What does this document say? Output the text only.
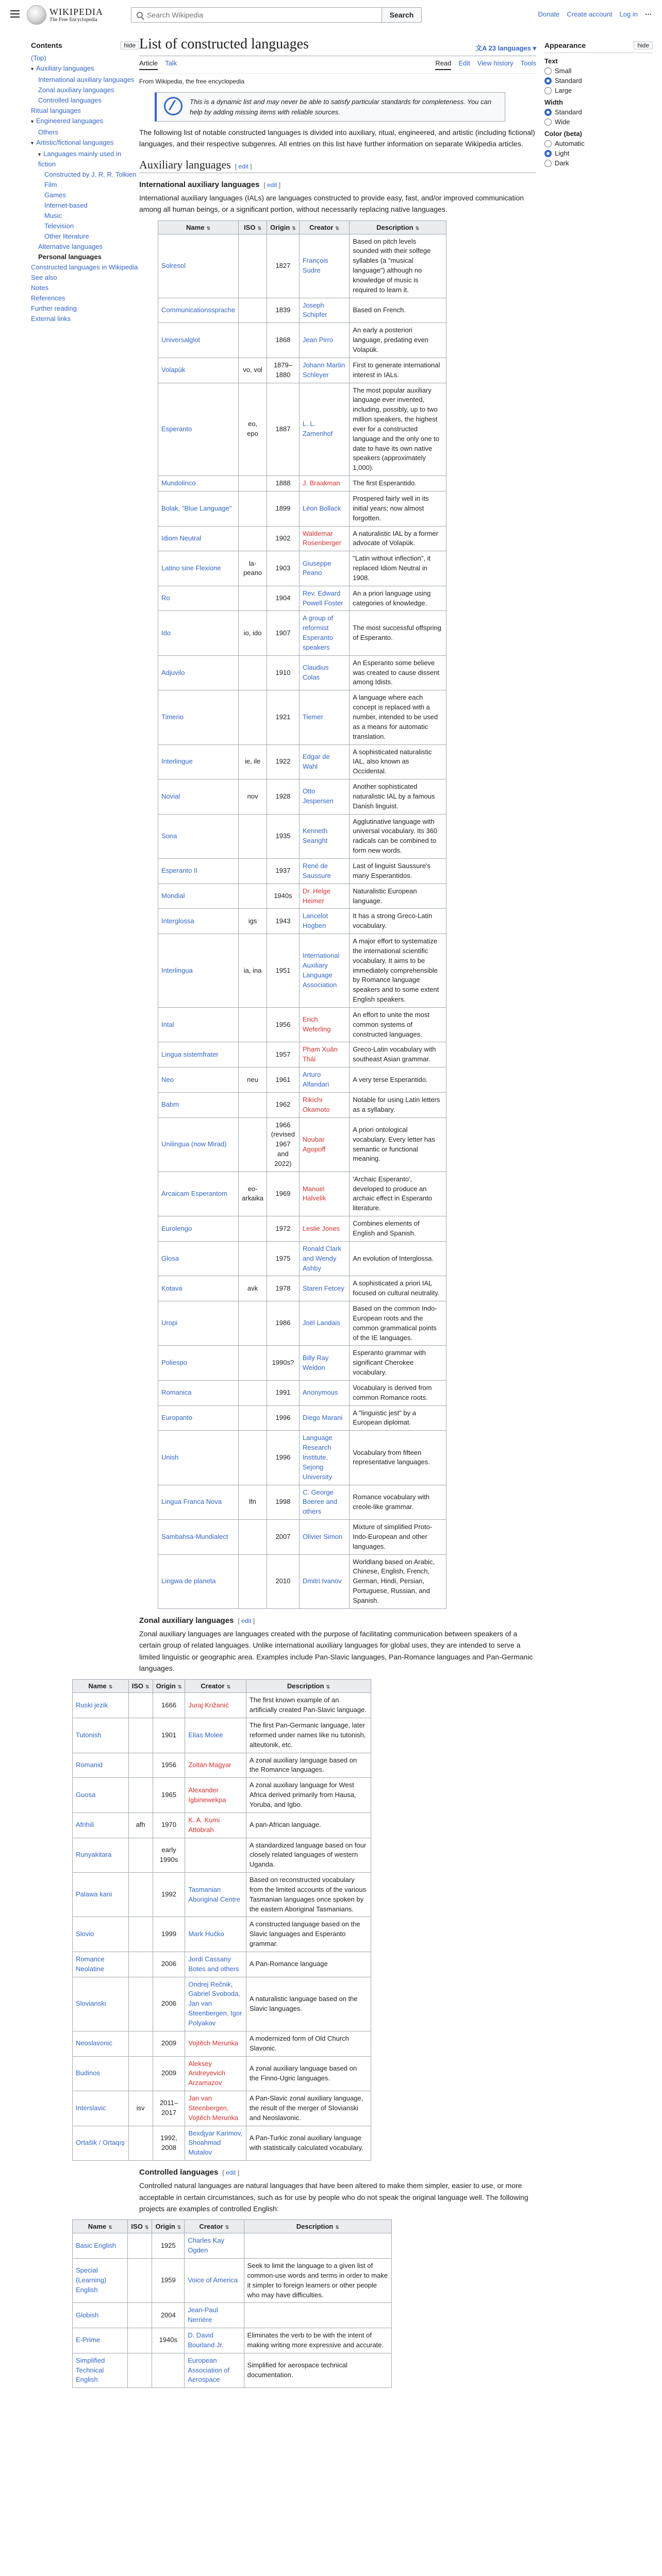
WIKIPEDIA
The Free Encyclopedia
Search Wikipedia
Search	Donate Create account Log in ⋯
Contents	hide
(Top)
▾ Auxiliary languages
International auxiliary languages
Zonal auxiliary languages
Controlled languages
Ritual languages
▾ Engineered languages
Others
▾ Artistic/fictional languages
▾ Languages mainly used in fiction
Constructed by J. R. R. Tolkien
Film
Games
Internet-based
Music
Television
Other literature
Alternative languages
Personal languages
Constructed languages in Wikipedia
See also
Notes
References
Further reading
External links
Appearance	hide
Text
Small
Standard
Large
Width
Standard
Wide
Color (beta)
Automatic
Light
Dark
List of constructed languages	文A 23 languages ▾
Article Talk	Read Edit View history Tools
From Wikipedia, the free encyclopedia
This is a dynamic list and may never be able to satisfy particular standards for completeness. You can help by adding missing items with reliable sources.

The following list of notable constructed languages is divided into auxiliary, ritual, engineered, and artistic (including fictional) languages, and their respective subgenres. All entries on this list have further information on separate Wikipedia articles.

Auxiliary languages [ edit ]
International auxiliary languages [ edit ]

International auxiliary languages (IALs) are languages constructed to provide easy, fast, and/or improved communication among all human beings, or a significant portion, without necessarily replacing native languages.

Name ⇅	ISO ⇅	Origin ⇅	Creator ⇅	Description ⇅
Solresol		1827	François Sudre	Based on pitch levels sounded with their solfege syllables (a "musical language") although no knowledge of music is required to learn it.
Communicationssprache		1839	Joseph Schipfer	Based on French.
Universalglot		1868	Jean Pirro	An early a posteriori language, predating even Volapük.
Volapük	vo, vol	1879–1880	Johann Martin Schleyer	First to generate international interest in IALs.
Esperanto	eo, epo	1887	L. L. Zamenhof	The most popular auxiliary language ever invented, including, possibly, up to two million speakers, the highest ever for a constructed language and the only one to date to have its own native speakers (approximately 1,000).
Mundolinco		1888	J. Braakman	The first Esperantido.
Bolak, "Blue Language"		1899	Léon Bollack	Prospered fairly well in its initial years; now almost forgotten.
Idiom Neutral		1902	Waldemar Rosenberger	A naturalistic IAL by a former advocate of Volapük.
Latino sine Flexione	la-peano	1903	Giuseppe Peano	"Latin without inflection", it replaced Idiom Neutral in 1908.
Ro		1904	Rev. Edward Powell Foster	An a priori language using categories of knowledge.
Ido	io, ido	1907	A group of reformist Esperanto speakers	The most successful offspring of Esperanto.
Adjuvilo		1910	Claudius Colas	An Esperanto some believe was created to cause dissent among Idists.
Timerio		1921	Tiemer	A language where each concept is replaced with a number, intended to be used as a means for automatic translation.
Interlingue	ie, ile	1922	Edgar de Wahl	A sophisticated naturalistic IAL, also known as Occidental.
Novial	nov	1928	Otto Jespersen	Another sophisticated naturalistic IAL by a famous Danish linguist.
Sona		1935	Kenneth Searight	Agglutinative language with universal vocabulary. Its 360 radicals can be combined to form new words.
Esperanto II		1937	René de Saussure	Last of linguist Saussure's many Esperantidos.
Mondial		1940s	Dr. Helge Heimer	Naturalistic European language.
Interglossa	igs	1943	Lancelot Hogben	It has a strong Greco-Latin vocabulary.
Interlingua	ia, ina	1951	International Auxiliary Language Association	A major effort to systematize the international scientific vocabulary. It aims to be immediately comprehensible by Romance language speakers and to some extent English speakers.
Intal		1956	Erich Weferling	An effort to unite the most common systems of constructed languages.
Lingua sistemfrater		1957	Phạm Xuân Thái	Greco-Latin vocabulary with southeast Asian grammar.
Neo	neu	1961	Arturo Alfandari	A very terse Esperantido.
Babm		1962	Rikichi Okamoto	Notable for using Latin letters as a syllabary.
Unilingua (now Mirad)		1966 (revised 1967 and 2022)	Noubar Agopoff	A priori ontological vocabulary. Every letter has semantic or functional meaning.
Arcaicam Esperantom	eo-arkaika	1969	Manuel Halvelik	'Archaic Esperanto', developed to produce an archaic effect in Esperanto literature.
Eurolengo		1972	Leslie Jones	Combines elements of English and Spanish.
Glosa		1975	Ronald Clark and Wendy Ashby	An evolution of Interglossa.
Kotava	avk	1978	Staren Fetcey	A sophisticated a priori IAL focused on cultural neutrality.
Uropi		1986	Joël Landais	Based on the common Indo-European roots and the common grammatical points of the IE languages.
Poliespo		1990s?	Billy Ray Weldon	Esperanto grammar with significant Cherokee vocabulary.
Romanica		1991	Anonymous	Vocabulary is derived from common Romance roots.
Europanto		1996	Diego Marani	A "linguistic jest" by a European diplomat.
Unish		1996	Language Research Institute, Sejong University	Vocabulary from fifteen representative languages.
Lingua Franca Nova	lfn	1998	C. George Boeree and others	Romance vocabulary with creole-like grammar.
Sambahsa-Mundialect		2007	Olivier Simon	Mixture of simplified Proto-Indo-European and other languages.
Lingwa de planeta		2010	Dmitri Ivanov	Worldlang based on Arabic, Chinese, English, French, German, Hindi, Persian, Portuguese, Russian, and Spanish.
Zonal auxiliary languages [ edit ]

Zonal auxiliary languages are languages created with the purpose of facilitating communication between speakers of a certain group of related languages. Unlike international auxiliary languages for global uses, they are intended to serve a limited linguistic or geographic area. Examples include Pan-Slavic languages, Pan-Romance languages and Pan-Germanic languages.

Name ⇅	ISO ⇅	Origin ⇅	Creator ⇅	Description ⇅
Ruski jezik		1666	Juraj Križanić	The first known example of an artificially created Pan-Slavic language.
Tutonish		1901	Elias Molee	The first Pan-Germanic language, later reformed under names like nu tutonish, alteutonik, etc.
Romanid		1956	Zoltán Magyar	A zonal auxiliary language based on the Romance languages.
Guosa		1965	Alexander Igbinewekpa	A zonal auxiliary language for West Africa derived primarily from Hausa, Yoruba, and Igbo.
Afrihili	afh	1970	K. A. Kumi Attobrah	A pan-African language.
Runyakitara		early 1990s		A standardized language based on four closely related languages of western Uganda.
Palawa kani		1992	Tasmanian Aboriginal Centre	Based on reconstructed vocabulary from the limited accounts of the various Tasmanian languages once spoken by the eastern Aboriginal Tasmanians.
Slovio		1999	Mark Hučko	A constructed language based on the Slavic languages and Esperanto grammar.
Romance Neolatine		2006	Jordi Cassany Botes and others	A Pan-Romance language
Slovianski		2006	Ondrej Rečnik, Gabriel Svoboda, Jan van Steenbergen, Igor Polyakov	A naturalistic language based on the Slavic languages.
Neoslavonic		2009	Vojtěch Merunka	A modernized form of Old Church Slavonic.
Budinos		2009	Aleksey Andreyevich Arzamazov	A zonal auxiliary language based on the Finno-Ugric languages.
Interslavic	isv	2011–2017	Jan van Steenbergen, Vojtěch Merunka	A Pan-Slavic zonal auxiliary language, the result of the merger of Slovianski and Neoslavonic.
Ortašik / Ortaqış		1992, 2008	Bexdjyar Karimov, Shoahmad Mutalov	A Pan-Turkic zonal auxiliary language with statistically calculated vocabulary.
Controlled languages [ edit ]

Controlled natural languages are natural languages that have been altered to make them simpler, easier to use, or more acceptable in certain circumstances, such as for use by people who do not speak the original language well. The following projects are examples of controlled English:

Name ⇅	ISO ⇅	Origin ⇅	Creator ⇅	Description ⇅
Basic English		1925	Charles Kay Ogden	
Special (Learning) English		1959	Voice of America	Seek to limit the language to a given list of common-use words and terms in order to make it simpler to foreign learners or other people who may have difficulties.
Globish		2004	Jean-Paul Nerrière	
E-Prime		1940s	D. David Bourland Jr.	Eliminates the verb to be with the intent of making writing more expressive and accurate.
Simplified Technical English			European Association of Aerospace	Simplified for aerospace technical documentation.
